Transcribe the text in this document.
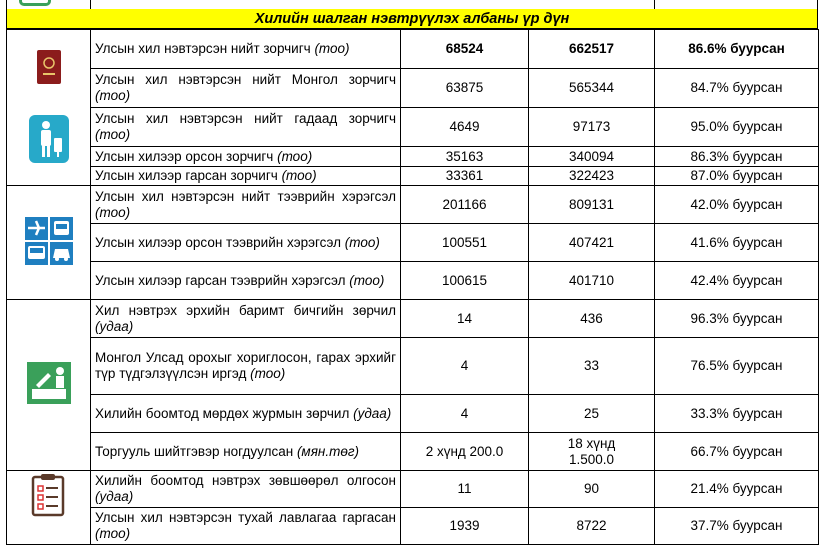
Хилийн шалган нэвтрүүлэх албаны үр дүн
	Улсын хил нэвтэрсэн нийт зорчигч (тоо)	68524	662517	86.6% буурсан
	Улсын хил нэвтэрсэн нийт Монгол зорчигч (тоо)	63875	565344	84.7% буурсан
	Улсын хил нэвтэрсэн нийт гадаад зорчигч (тоо)	4649	97173	95.0% буурсан
	Улсын хилээр орсон зорчигч (тоо)	35163	340094	86.3% буурсан
	Улсын хилээр гарсан зорчигч (тоо)	33361	322423	87.0% буурсан
	Улсын хил нэвтэрсэн нийт тээврийн хэрэгсэл (тоо)	201166	809131	42.0% буурсан
	Улсын хилээр орсон тээврийн хэрэгсэл (тоо)	100551	407421	41.6% буурсан
	Улсын хилээр гарсан тээврийн хэрэгсэл (тоо)	100615	401710	42.4% буурсан
	Хил нэвтрэх эрхийн баримт бичгийн зөрчил (удаа)	14	436	96.3% буурсан
	Монгол Улсад орохыг хориглосон, гарах эрхийг түр түдгэлзүүлсэн иргэд (тоо)	4	33	76.5% буурсан
	Хилийн боомтод мөрдөх журмын зөрчил (удаа)	4	25	33.3% буурсан
	Торгууль шийтгэвэр ногдуулсан (мян.төг)	2 хүнд 200.0	18 хүнд 1.500.0	66.7% буурсан
	Хилийн боомтод нэвтрэх зөвшөөрөл олгосон (удаа)	11	90	21.4% буурсан
	Улсын хил нэвтэрсэн тухай лавлагаа гаргасан (тоо)	1939	8722	37.7% буурсан
